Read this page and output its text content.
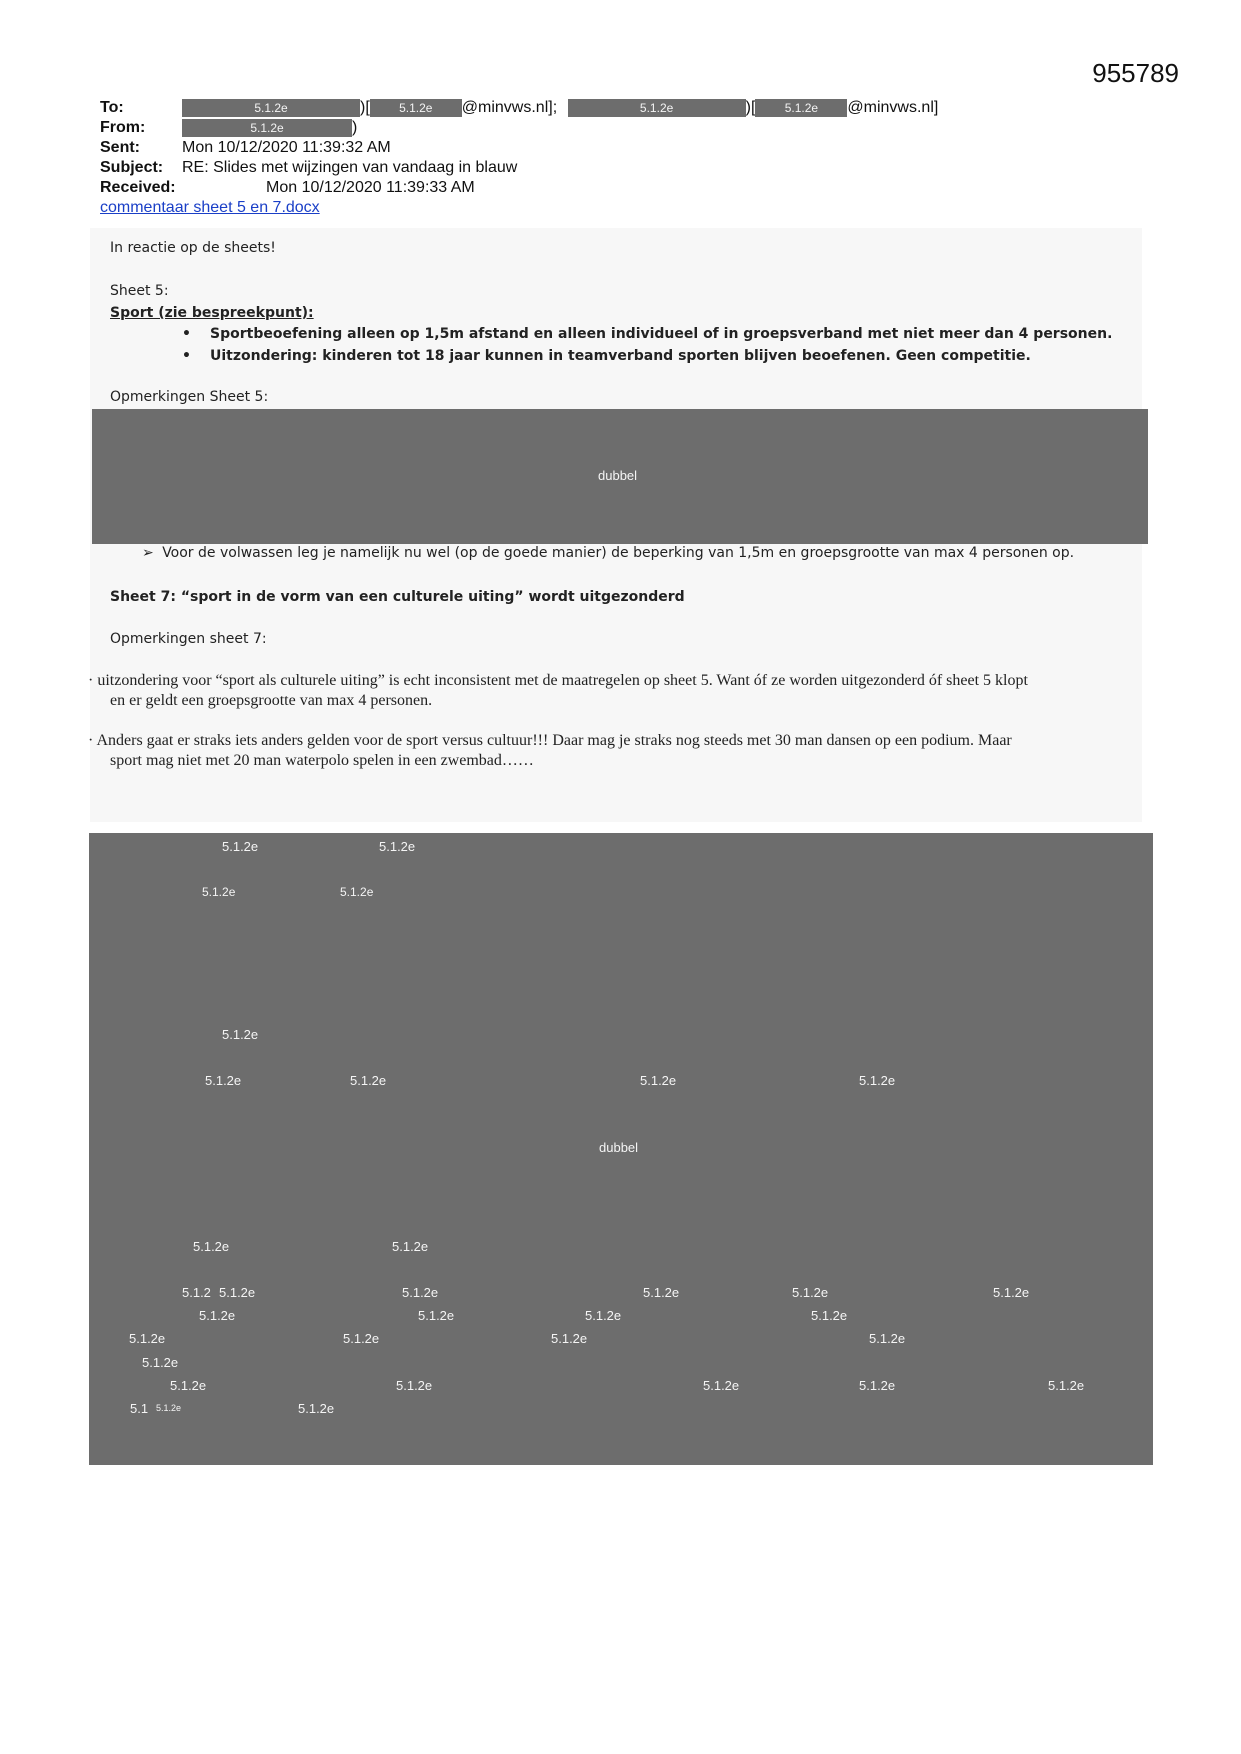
955789
To:	5.1.2e	)[ 5.1.2e @minvws.nl];	5.1.2e	)[ 5.1.2e @minvws.nl]
From:	5.1.2e	)
Sent:	Mon 10/12/2020 11:39:32 AM
Subject: RE: Slides met wijzingen van vandaag in blauw
Received:	Mon 10/12/2020 11:39:33 AM
commentaar sheet 5 en 7.docx
In reactie op de sheets!
Sheet 5:
Sport (zie bespreekpunt):
• Sportbeoefening alleen op 1,5m afstand en alleen individueel of in groepsverband met niet meer dan 4 personen.
• Uitzondering: kinderen tot 18 jaar kunnen in teamverband sporten blijven beoefenen. Geen competitie.
Opmerkingen Sheet 5:
dubbel
➢ Voor de volwassen leg je namelijk nu wel (op de goede manier) de beperking van 1,5m en groepsgrootte van max 4 personen op.
Sheet 7: “sport in de vorm van een culturele uiting” wordt uitgezonderd
Opmerkingen sheet 7:
· uitzondering voor “sport als culturele uiting” is echt inconsistent met de maatregelen op sheet 5. Want óf ze worden uitgezonderd óf sheet 5 klopt
en er geldt een groepsgrootte van max 4 personen.
· Anders gaat er straks iets anders gelden voor de sport versus cultuur!!! Daar mag je straks nog steeds met 30 man dansen op een podium. Maar
sport mag niet met 20 man waterpolo spelen in een zwembad……
5.1.2e	5.1.2e
5.1.2e	5.1.2e
5.1.2e
5.1.2e	5.1.2e	5.1.2e	5.1.2e
dubbel
5.1.2e	5.1.2e
5.1.2 5.1.2e	5.1.2e	5.1.2e	5.1.2e	5.1.2e
5.1.2e	5.1.2e	5.1.2e	5.1.2e
5.1.2e	5.1.2e	5.1.2e	5.1.2e
5.1.2e
5.1.2e	5.1.2e	5.1.2e	5.1.2e	5.1.2e
5.1 5.1.2e	5.1.2e
